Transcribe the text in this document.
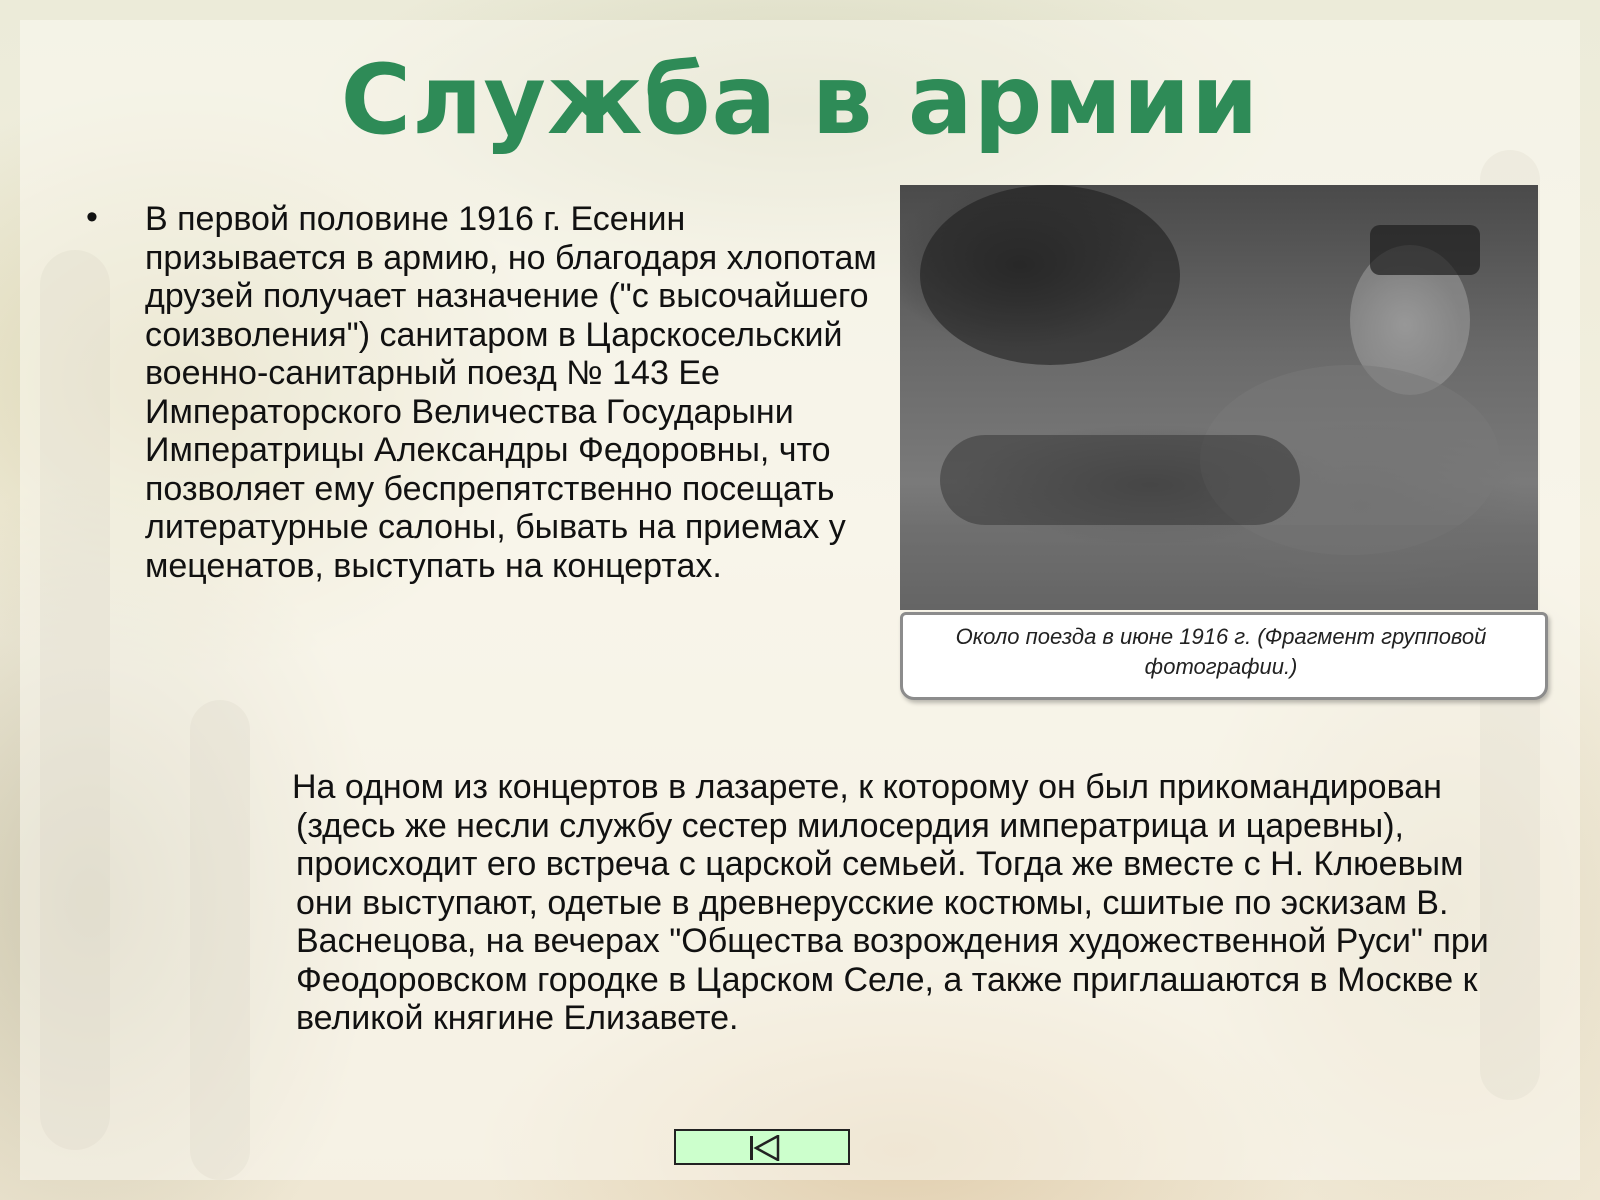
Служба в армии
• В первой половине 1916 г. Есенин призывается в армию, но благодаря хлопотам друзей получает назначение ("с высочайшего соизволения") санитаром в Царскосельский военно-санитарный поезд № 143 Ее Императорского Величества Государыни Императрицы Александры Федоровны, что позволяет ему беспрепятственно посещать литературные салоны, бывать на приемах у меценатов, выступать на концертах.
Около поезда в июне 1916 г. (Фрагмент групповой фотографии.)
На одном из концертов в лазарете, к которому он был прикомандирован (здесь же несли службу сестер милосердия императрица и царевны), происходит его встреча с царской семьей. Тогда же вместе с Н. Клюевым они выступают, одетые в древнерусские костюмы, сшитые по эскизам В. Васнецова, на вечерах "Общества возрождения художественной Руси" при Феодоровском городке в Царском Селе, а также приглашаются в Москве к великой княгине Елизавете.
